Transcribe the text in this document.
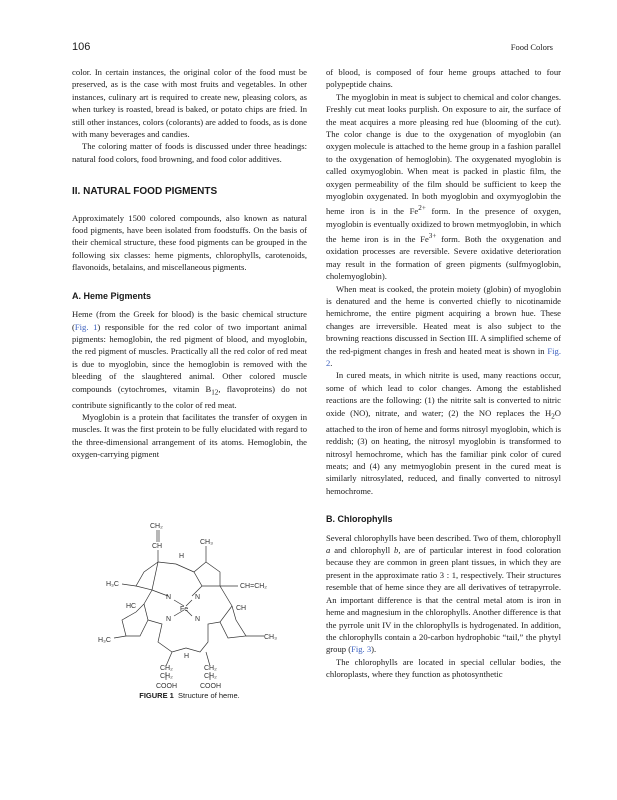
106	Food Colors

color. In certain instances, the original color of the food must be preserved, as is the case with most fruits and vegetables. In other instances, culinary art is required to create new, pleasing colors, as when turkey is roasted, bread is baked, or potato chips are fried. In still other instances, colors (colorants) are added to foods, as is done with many beverages and candies.

The coloring matter of foods is discussed under three headings: natural food colors, food browning, and food color additives.

II. NATURAL FOOD PIGMENTS

Approximately 1500 colored compounds, also known as natural food pigments, have been isolated from foodstuffs. On the basis of their chemical structure, these food pigments can be grouped in the following six classes: heme pigments, chlorophylls, carotenoids, flavonoids, betalains, and miscellaneous pigments.

A. Heme Pigments

Heme (from the Greek for blood) is the basic chemical structure (Fig. 1) responsible for the red color of two important animal pigments: hemoglobin, the red pigment of blood, and myoglobin, the red pigment of muscles. Practically all the red color of red meat is due to myoglobin, since the hemoglobin is removed with the bleeding of the slaughtered animal. Other colored muscle compounds (cytochromes, vitamin $B_{12}$, flavoproteins) do not contribute significantly to the color of red meat.

Myoglobin is a protein that facilitates the transfer of oxygen in muscles. It was the first protein to be fully elucidated with regard to the three-dimensional arrangement of its atoms. Hemoglobin, the oxygen-carrying pigment

CH₂
CH
CH₃
H
H₃C	CH=CH₂
HC	CH
Fe
H₃C	CH₃
H
CH₂	CH₂
CH₂	CH₂
COOH	COOH
N	N
N	N
FIGURE 1 Structure of heme.

of blood, is composed of four heme groups attached to four polypeptide chains.

The myoglobin in meat is subject to chemical and color changes. Freshly cut meat looks purplish. On exposure to air, the surface of the meat acquires a more pleasing red hue (blooming of the cut). The color change is due to the oxygenation of myoglobin (an oxygen molecule is attached to the heme group in a fashion parallel to the oxygenation of hemoglobin). The oxygenated myoglobin is called oxymyoglobin. When meat is packed in plastic film, the oxygen permeability of the film should be sufficient to keep the myoglobin oxygenated. In both myoglobin and oxymyoglobin the heme iron is in the $Fe^{2+}$ form. In the presence of oxygen, myoglobin is eventually oxidized to brown metmyoglobin, in which the heme iron is in the $Fe^{3+}$ form. Both the oxygenation and oxidation processes are reversible. Severe oxidative deterioration may result in the formation of green pigments (sulfmyoglobin, cholemyoglobin).

When meat is cooked, the protein moiety (globin) of myoglobin is denatured and the heme is converted chiefly to nicotinamide hemichrome, the entire pigment acquiring a brown hue. These changes are irreversible. Heated meat is also subject to the browning reactions discussed in Section III. A simplified scheme of the red-pigment changes in fresh and heated meat is shown in Fig. 2.

In cured meats, in which nitrite is used, many reactions occur, some of which lead to color changes. Among the established reactions are the following: (1) the nitrite salt is converted to nitric oxide (NO), nitrate, and water; (2) the NO replaces the $H_2O$ attached to the iron of heme and forms nitrosyl myoglobin, which is reddish; (3) on heating, the nitrosyl myoglobin is transformed to nitrosyl hemochrome, which has the familiar pink color of cured meats; and (4) any metmyoglobin present in the cured meat is similarly nitrosylated, reduced, and finally converted to nitrosyl hemochrome.

B. Chlorophylls

Several chlorophylls have been described. Two of them, chlorophyll a and chlorophyll b, are of particular interest in food coloration because they are common in green plant tissues, in which they are present in the approximate ratio 3 : 1, respectively. Their structures resemble that of heme since they are all derivatives of tetrapyrrole. An important difference is that the central metal atom is iron in heme and magnesium in the chlorophylls. Another difference is that the pyrrole unit IV in the chlorophylls is hydrogenated. In addition, the chlorophylls contain a 20-carbon hydrophobic “tail,” the phytyl group (Fig. 3).

The chlorophylls are located in special cellular bodies, the chloroplasts, where they function as photosynthetic
